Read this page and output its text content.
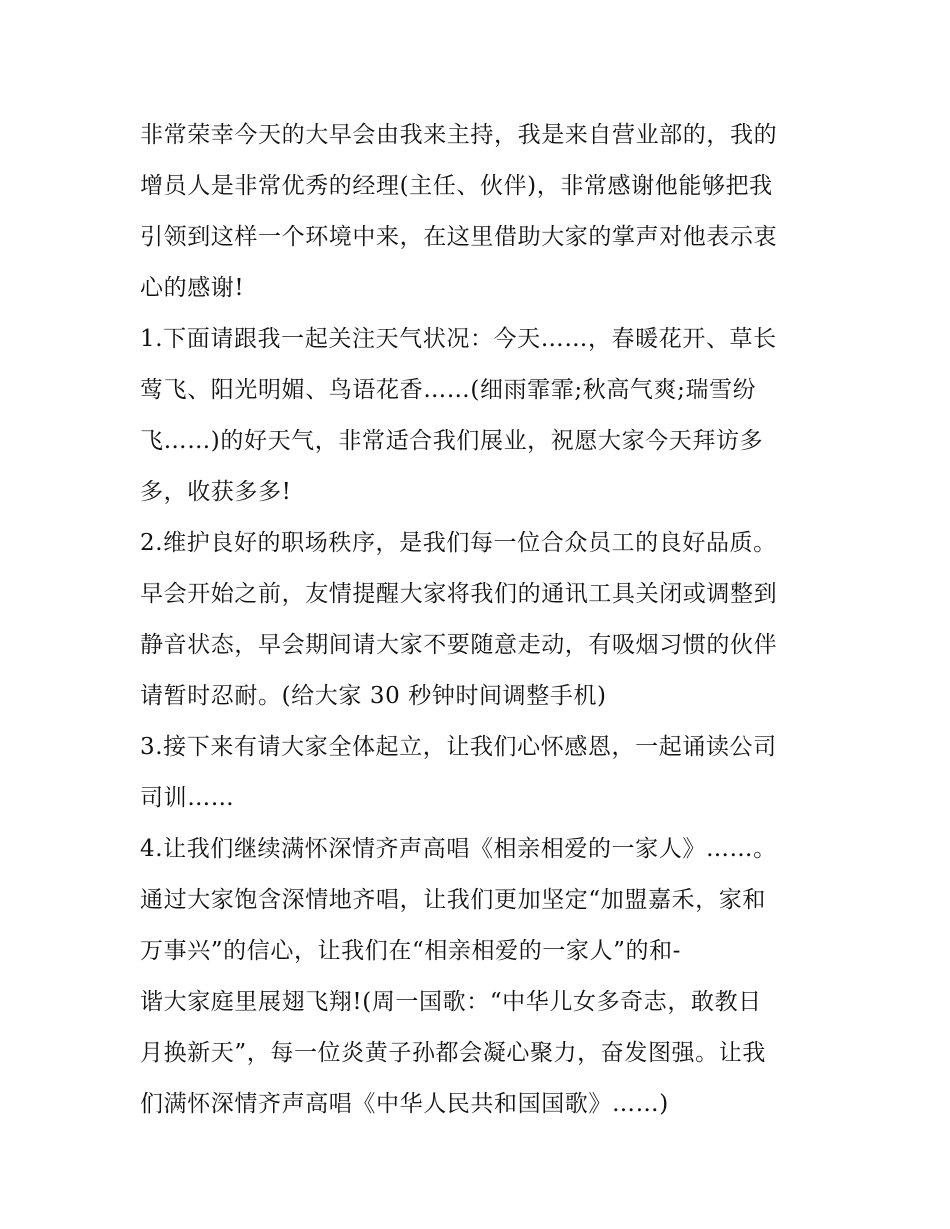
非常荣幸今天的大早会由我来主持，我是来自营业部的，我的
增员人是非常优秀的经理(主任、伙伴)，非常感谢他能够把我
引领到这样一个环境中来，在这里借助大家的掌声对他表示衷
心的感谢!
1.下面请跟我一起关注天气状况：今天……，春暖花开、草长
莺飞、阳光明媚、鸟语花香……(细雨霏霏;秋高气爽;瑞雪纷
飞……)的好天气，非常适合我们展业，祝愿大家今天拜访多
多，收获多多!
2.维护良好的职场秩序，是我们每一位合众员工的良好品质。
早会开始之前，友情提醒大家将我们的通讯工具关闭或调整到
静音状态，早会期间请大家不要随意走动，有吸烟习惯的伙伴
请暂时忍耐。(给大家 30 秒钟时间调整手机)
3.接下来有请大家全体起立，让我们心怀感恩，一起诵读公司
司训……
4.让我们继续满怀深情齐声高唱《相亲相爱的一家人》……。
通过大家饱含深情地齐唱，让我们更加坚定“加盟嘉禾，家和
万事兴”的信心，让我们在“相亲相爱的一家人”的和-
谐大家庭里展翅飞翔!(周一国歌：“中华儿女多奇志，敢教日
月换新天”，每一位炎黄子孙都会凝心聚力，奋发图强。让我
们满怀深情齐声高唱《中华人民共和国国歌》……)
